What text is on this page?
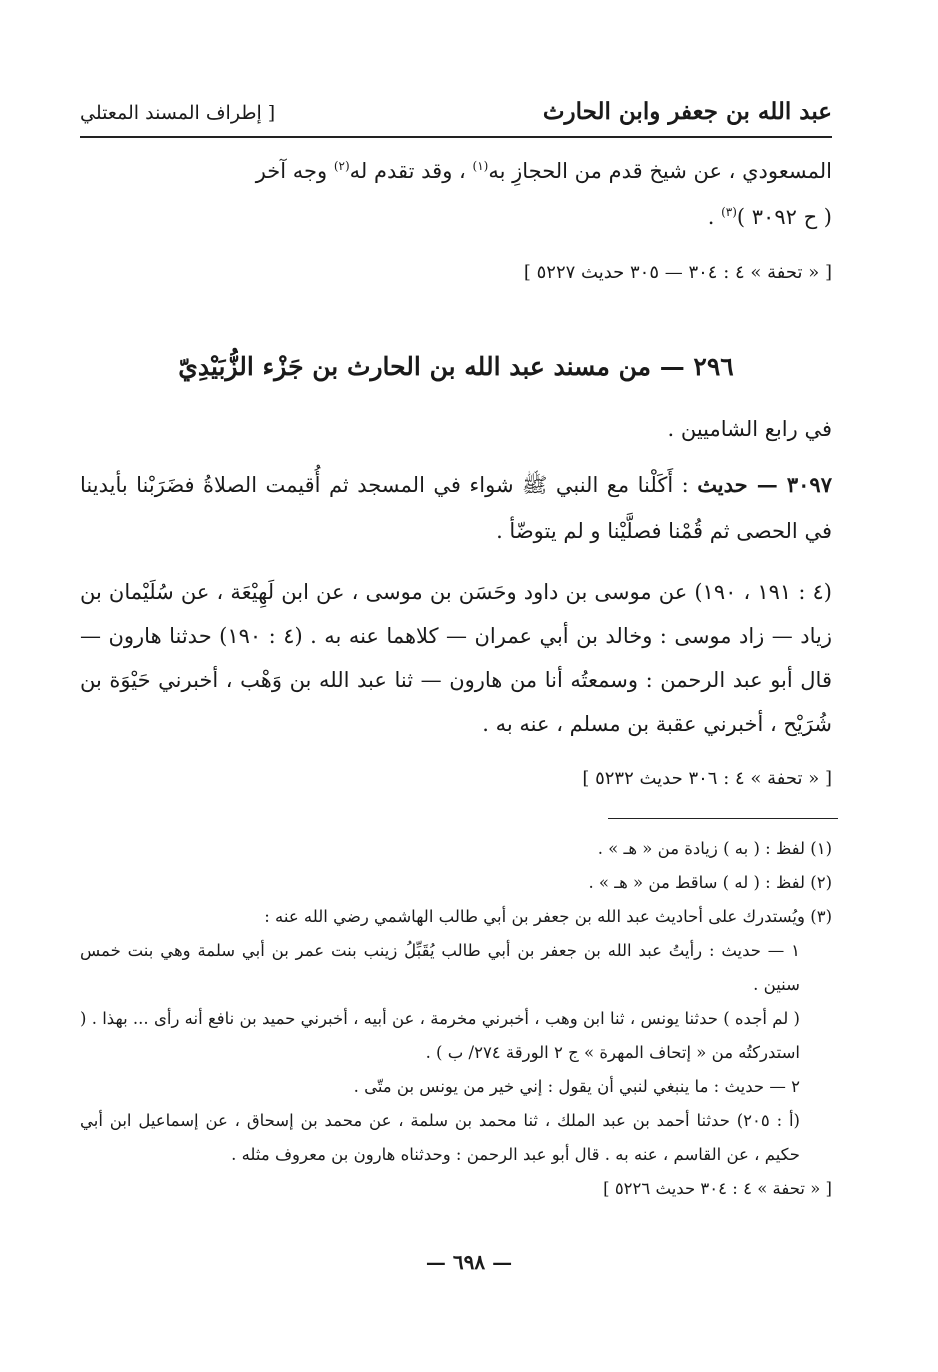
عبد الله بن جعفر وابن الحارث
[ إطراف المسند المعتلي

المسعودي ، عن شيخ قدم من الحجازِ به$^{(١)}$ ، وقد تقدم له$^{(٢)}$ وجه آخر

( ح ٣٠٩٢ )$^{(٣)}$ .

[ « تحفة » ٤ : ٣٠٤ — ٣٠٥ حديث ٥٢٢٧ ]
٢٩٦ — من مسند عبد الله بن الحارث بن جَزْء الزُّبَيْدِيّ
في رابع الشاميين .
٣٠٩٧ — حديث : أَكَلْنا مع النبي ﷺ شواء في المسجد ثم أُقيمت الصلاةُ فضَرَبْنا بأيدينا في الحصى ثم قُمْنا فصلَّيْنا و لم يتوضّأ .
(٤ : ١٩١ ، ١٩٠) عن موسى بن داود وحَسَن بن موسى ، عن ابن لَهِيْعَة ، عن سُلَيْمان بن زياد — زاد موسى : وخالد بن أبي عمران — كلاهما عنه به . (٤ : ١٩٠) حدثنا هارون — قال أبو عبد الرحمن : وسمعتُه أنا من هارون — ثنا عبد الله بن وَهْب ، أخبرني حَيْوَة بن شُرَيْح ، أخبرني عقبة بن مسلم ، عنه به .
[ « تحفة » ٤ : ٣٠٦ حديث ٥٢٣٢ ]

(١) لفظ : ( به ) زيادة من « هـ » .

(٢) لفظ : ( له ) ساقط من « هـ » .

(٣) ويُستدرك على أحاديث عبد الله بن جعفر بن أبي طالب الهاشمي رضي الله عنه :

١ — حديث : رأيتُ عبد الله بن جعفر بن أبي طالب يُقَبِّلُ زينب بنت عمر بن أبي سلمة وهي بنت خمس سنين .

( لم أجده ) حدثنا يونس ، ثنا ابن وهب ، أخبرني مخرمة ، عن أبيه ، أخبرني حميد بن نافع أنه رأى ... بهذا . ( استدركتُه من « إتحاف المهرة » ج ٢ الورقة ٢٧٤/ ب ) .

٢ — حديث : ما ينبغي لنبي أن يقول : إني خير من يونس بن متّى .

(أ : ٢٠٥) حدثنا أحمد بن عبد الملك ، ثنا محمد بن سلمة ، عن محمد بن إسحاق ، عن إسماعيل ابن أبي حكيم ، عن القاسم ، عنه به . قال أبو عبد الرحمن : وحدثناه هارون بن معروف مثله .

[ « تحفة » ٤ : ٣٠٤ حديث ٥٢٢٦ ]

— ٦٩٨ —
